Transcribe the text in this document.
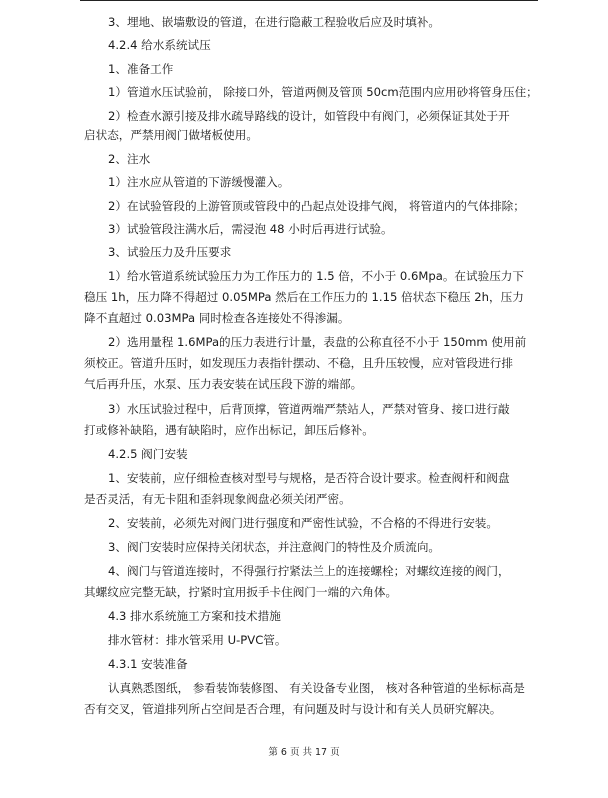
3、埋地、嵌墙敷设的管道，在进行隐蔽工程验收后应及时填补。
4.2.4 给水系统试压
1、准备工作
1）管道水压试验前， 除接口外，管道两侧及管顶 50cm范围内应用砂将管身压住；
2）检查水源引接及排水疏导路线的设计，如管段中有阀门，必须保证其处于开
启状态，严禁用阀门做堵板使用。
2、注水
1）注水应从管道的下游缓慢灌入。
2）在试验管段的上游管顶或管段中的凸起点处设排气阀， 将管道内的气体排除；
3）试验管段注满水后，需浸泡 48 小时后再进行试验。
3、试验压力及升压要求
1）给水管道系统试验压力为工作压力的 1.5 倍，不小于 0.6Mpa。在试验压力下
稳压 1h，压力降不得超过 0.05MPa 然后在工作压力的 1.15 倍状态下稳压 2h，压力
降不直超过 0.03MPa 同时检查各连接处不得渗漏。
2）选用量程 1.6MPa的压力表进行计量，表盘的公称直径不小于 150mm 使用前
须校正。管道升压时，如发现压力表指针摆动、不稳，且升压较慢，应对管段进行排
气后再升压，水泵、压力表安装在试压段下游的端部。
3）水压试验过程中，后背顶撑，管道两端严禁站人，严禁对管身、接口进行敲
打或修补缺陷，遇有缺陷时，应作出标记，卸压后修补。
4.2.5 阀门安装
1、安装前，应仔细检查核对型号与规格，是否符合设计要求。检查阀杆和阀盘
是否灵活，有无卡阻和歪斜现象阀盘必须关闭严密。
2、安装前，必须先对阀门进行强度和严密性试验，不合格的不得进行安装。
3、阀门安装时应保持关闭状态，并注意阀门的特性及介质流向。
4、阀门与管道连接时，不得强行拧紧法兰上的连接螺栓；对螺纹连接的阀门，
其螺纹应完整无缺，拧紧时宜用扳手卡住阀门一端的六角体。
4.3 排水系统施工方案和技术措施
排水管材：排水管采用 U-PVC管。
4.3.1 安装准备
认真熟悉图纸， 参看装饰装修图、 有关设备专业图， 核对各种管道的坐标标高是
否有交叉，管道排列所占空间是否合理，有问题及时与设计和有关人员研究解决。
第 6 页 共 17 页
